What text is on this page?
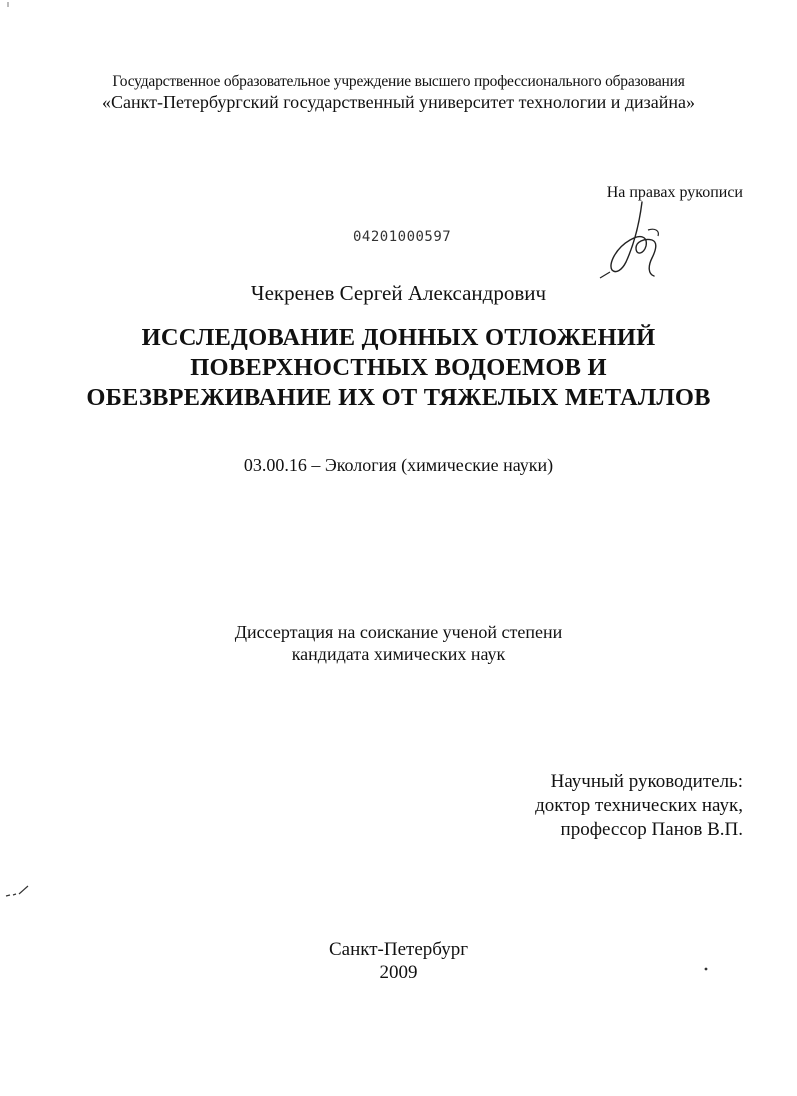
Государственное образовательное учреждение высшего профессионального образования
«Санкт-Петербургский государственный университет технологии и дизайна»
На правах рукописи
04201000597
Чекренев Сергей Александрович
ИССЛЕДОВАНИЕ ДОННЫХ ОТЛОЖЕНИЙ
ПОВЕРХНОСТНЫХ ВОДОЕМОВ И
ОБЕЗВРЕЖИВАНИЕ ИХ ОТ ТЯЖЕЛЫХ МЕТАЛЛОВ
03.00.16 – Экология (химические науки)
Диссертация на соискание ученой степени
кандидата химических наук
Научный руководитель:
доктор технических наук,
профессор Панов В.П.
Санкт-Петербург
2009
